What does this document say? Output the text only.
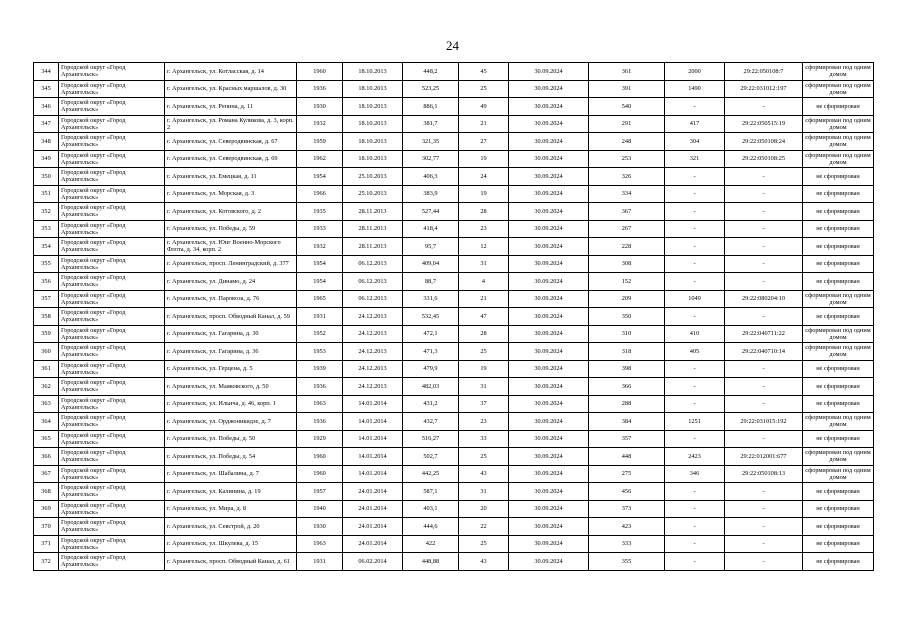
24
344	Городской округ «Город Архангельск»	г. Архангельск, ул. Котласская, д. 14	1960	18.10.2013	448,2	45	30.09.2024	361	2000	29:22:050108:7	сформирован под одним домом
345	Городской округ «Город Архангельск»	г. Архангельск, ул. Красных маршалов, д. 30	1936	18.10.2013	523,25	25	30.09.2024	391	1490	29:22:031012:197	сформирован под одним домом
346	Городской округ «Город Архангельск»	г. Архангельск, ул. Репина, д. 11	1930	18.10.2013	886,1	49	30.09.2024	540	-	-	не сформирован
347	Городской округ «Город Архангельск»	г. Архангельск, ул. Романа Куликова, д. 3, корп. 2	1932	18.10.2013	381,7	21	30.09.2024	291	417	29:22:050515:19	сформирован под одним домом
348	Городской округ «Город Архангельск»	г. Архангельск, ул. Северодвинская, д. 67	1959	18.10.2013	321,35	27	30.09.2024	248	304	29:22:050108:24	сформирован под одним домом
349	Городской округ «Город Архангельск»	г. Архангельск, ул. Северодвинская, д. 69	1962	18.10.2013	302,77	19	30.09.2024	253	321	29:22:050108:25	сформирован под одним домом
350	Городской округ «Город Архангельск»	г. Архангельск, ул. Емецкая, д. 11	1954	25.10.2013	406,3	24	30.09.2024	326	-	-	не сформирован
351	Городской округ «Город Архангельск»	г. Архангельск, ул. Морская, д. 3	1966	25.10.2013	383,9	19	30.09.2024	334	-	-	не сформирован
352	Городской округ «Город Архангельск»	г. Архангельск, ул. Котовского, д. 2	1935	28.11.2013	527,44	28	30.09.2024	367	-	-	не сформирован
353	Городской округ «Город Архангельск»	г. Архангельск, ул. Победы, д. 59	1933	28.11.2013	418,4	23	30.09.2024	267	-	-	не сформирован
354	Городской округ «Город Архангельск»	г. Архангельск, ул. Юнг Военно-Морского Флота, д. 34, корп. 2	1932	28.11.2013	95,7	12	30.09.2024	228	-	-	не сформирован
355	Городской округ «Город Архангельск»	г. Архангельск, просп. Ленинградский, д. 377	1954	06.12.2013	409,04	31	30.09.2024	308	-	-	не сформирован
356	Городской округ «Город Архангельск»	г. Архангельск, ул. Динамо, д. 24	1954	06.12.2013	88,7	4	30.09.2024	152	-	-	не сформирован
357	Городской округ «Город Архангельск»	г. Архангельск, ул. Паровоза, д. 76	1965	06.12.2013	331,6	21	30.09.2024	209	1049	29:22:080204:10	сформирован под одним домом
358	Городской округ «Город Архангельск»	г. Архангельск, просп. Обводный Канал, д. 59	1931	24.12.2013	532,45	47	30.09.2024	350	-	-	не сформирован
359	Городской округ «Город Архангельск»	г. Архангельск, ул. Гагарина, д. 30	1952	24.12.2013	472,1	28	30.09.2024	310	410	29:22:040711:22	сформирован под одним домом
360	Городской округ «Город Архангельск»	г. Архангельск, ул. Гагарина, д. 36	1953	24.12.2013	471,3	25	30.09.2024	318	405	29:22:040710:14	сформирован под одним домом
361	Городской округ «Город Архангельск»	г. Архангельск, ул. Герцена, д. 5	1939	24.12.2013	479,9	19	30.09.2024	398	-	-	не сформирован
362	Городской округ «Город Архангельск»	г. Архангельск, ул. Маяковского, д. 50	1936	24.12.2013	482,03	31	30.09.2024	366	-	-	не сформирован
363	Городской округ «Город Архангельск»	г. Архангельск, ул. Ильича, д. 46, корп. 1	1963	14.01.2014	431,2	37	30.09.2024	288	-	-	не сформирован
364	Городской округ «Город Архангельск»	г. Архангельск, ул. Орджоникидзе, д. 7	1936	14.01.2014	432,7	23	30.09.2024	384	1251	29:22:031015:192	сформирован под одним домом
365	Городской округ «Город Архангельск»	г. Архангельск, ул. Победы, д. 50	1929	14.01.2014	516,27	33	30.09.2024	357	-	-	не сформирован
366	Городской округ «Город Архангельск»	г. Архангельск, ул. Победы, д. 54	1960	14.01.2014	502,7	25	30.09.2024	448	2423	29:22:012001:677	сформирован под одним домом
367	Городской округ «Город Архангельск»	г. Архангельск, ул. Шабалина, д. 7	1960	14.01.2014	442,25	43	30.09.2024	275	346	29:22:050108:13	сформирован под одним домом
368	Городской округ «Город Архангельск»	г. Архангельск, ул. Калинина, д. 19	1957	24.01.2014	587,1	31	30.09.2024	456	-	-	не сформирован
369	Городской округ «Город Архангельск»	г. Архангельск, ул. Мира, д. 8	1940	24.01.2014	403,1	20	30.09.2024	373	-	-	не сформирован
370	Городской округ «Город Архангельск»	г. Архангельск, ул. Севстрой, д. 20	1930	24.01.2014	444,6	22	30.09.2024	423	-	-	не сформирован
371	Городской округ «Город Архангельск»	г. Архангельск, ул. Шкулева, д. 15	1963	24.01.2014	422	25	30.09.2024	333	-	-	не сформирован
372	Городской округ «Город Архангельск»	г. Архангельск, просп. Обводный Канал, д. 61	1931	06.02.2014	448,88	43	30.09.2024	355	-	-	не сформирован
